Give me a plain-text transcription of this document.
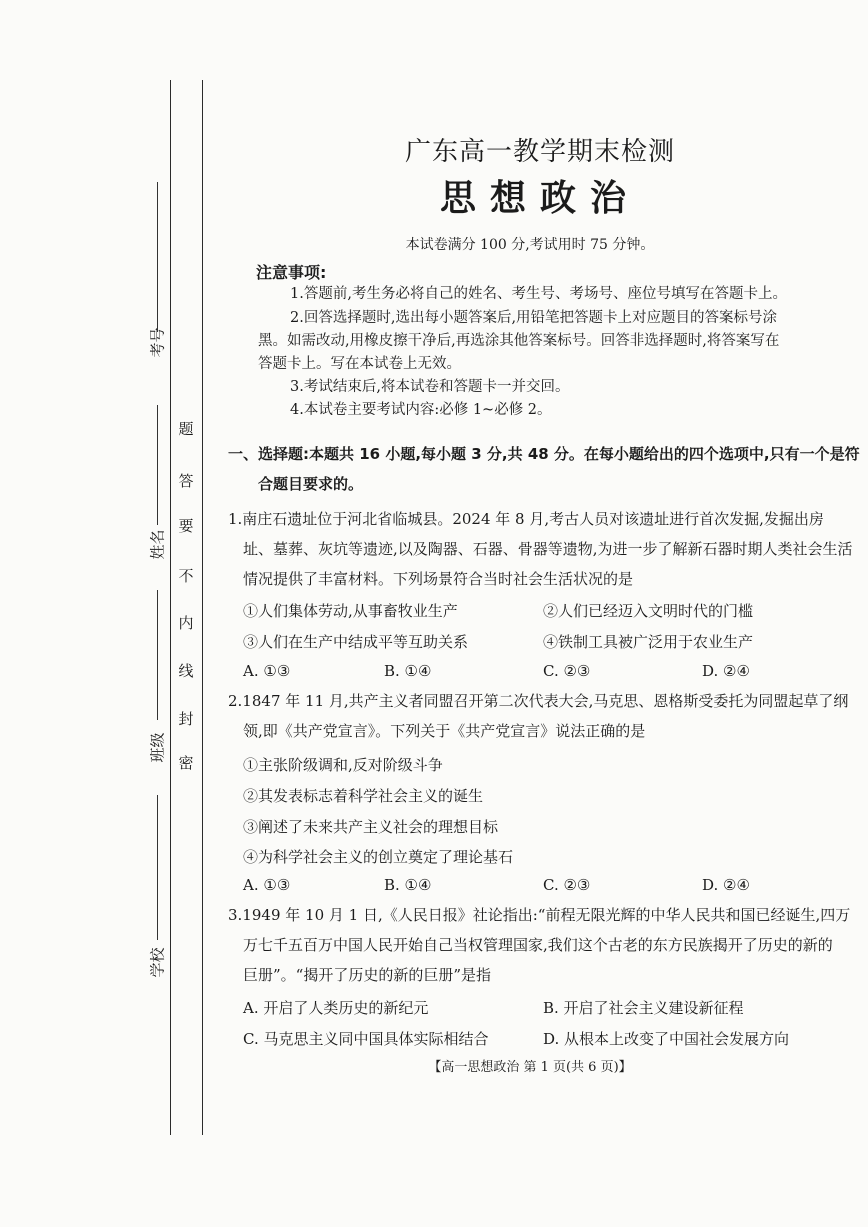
考号
姓名
班级
学校
题
答
要
不
内
线
封
密
广东高一教学期末检测
思想政治
本试卷满分 100 分,考试用时 75 分钟。
注意事项:
1.答题前,考生务必将自己的姓名、考生号、考场号、座位号填写在答题卡上。
2.回答选择题时,选出每小题答案后,用铅笔把答题卡上对应题目的答案标号涂
黑。如需改动,用橡皮擦干净后,再选涂其他答案标号。回答非选择题时,将答案写在
答题卡上。写在本试卷上无效。
3.考试结束后,将本试卷和答题卡一并交回。
4.本试卷主要考试内容:必修 1~必修 2。
一、选择题:本题共 16 小题,每小题 3 分,共 48 分。在每小题给出的四个选项中,只有一个是符
合题目要求的。
1.南庄石遗址位于河北省临城县。2024 年 8 月,考古人员对该遗址进行首次发掘,发掘出房
址、墓葬、灰坑等遗迹,以及陶器、石器、骨器等遗物,为进一步了解新石器时期人类社会生活
情况提供了丰富材料。下列场景符合当时社会生活状况的是
①人们集体劳动,从事畜牧业生产	②人们已经迈入文明时代的门槛
③人们在生产中结成平等互助关系	④铁制工具被广泛用于农业生产
A. ①③	B. ①④	C. ②③	D. ②④
2.1847 年 11 月,共产主义者同盟召开第二次代表大会,马克思、恩格斯受委托为同盟起草了纲
领,即《共产党宣言》。下列关于《共产党宣言》说法正确的是
①主张阶级调和,反对阶级斗争
②其发表标志着科学社会主义的诞生
③阐述了未来共产主义社会的理想目标
④为科学社会主义的创立奠定了理论基石
A. ①③	B. ①④	C. ②③	D. ②④
3.1949 年 10 月 1 日,《人民日报》社论指出:“前程无限光辉的中华人民共和国已经诞生,四万
万七千五百万中国人民开始自己当权管理国家,我们这个古老的东方民族揭开了历史的新的
巨册”。“揭开了历史的新的巨册”是指
A. 开启了人类历史的新纪元	B. 开启了社会主义建设新征程
C. 马克思主义同中国具体实际相结合	D. 从根本上改变了中国社会发展方向
【高一思想政治 第 1 页(共 6 页)】
